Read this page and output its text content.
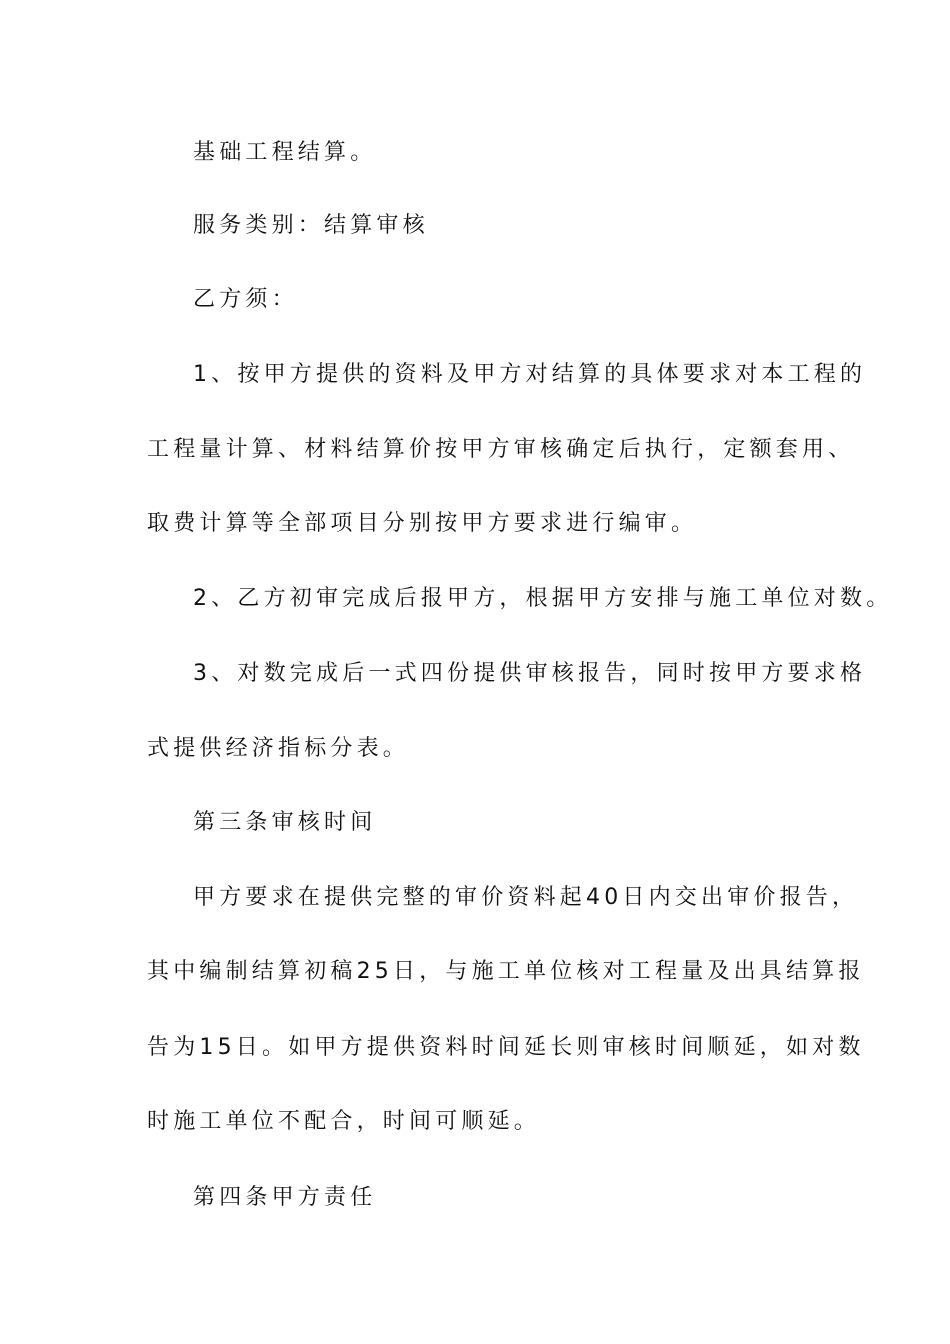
基础工程结算。
服务类别：结算审核
乙方须：
1、按甲方提供的资料及甲方对结算的具体要求对本工程的
工程量计算、材料结算价按甲方审核确定后执行，定额套用、
取费计算等全部项目分别按甲方要求进行编审。
2、乙方初审完成后报甲方，根据甲方安排与施工单位对数。
3、对数完成后一式四份提供审核报告，同时按甲方要求格
式提供经济指标分表。
第三条审核时间
甲方要求在提供完整的审价资料起40日内交出审价报告，
其中编制结算初稿25日，与施工单位核对工程量及出具结算报
告为15日。如甲方提供资料时间延长则审核时间顺延，如对数
时施工单位不配合，时间可顺延。
第四条甲方责任
